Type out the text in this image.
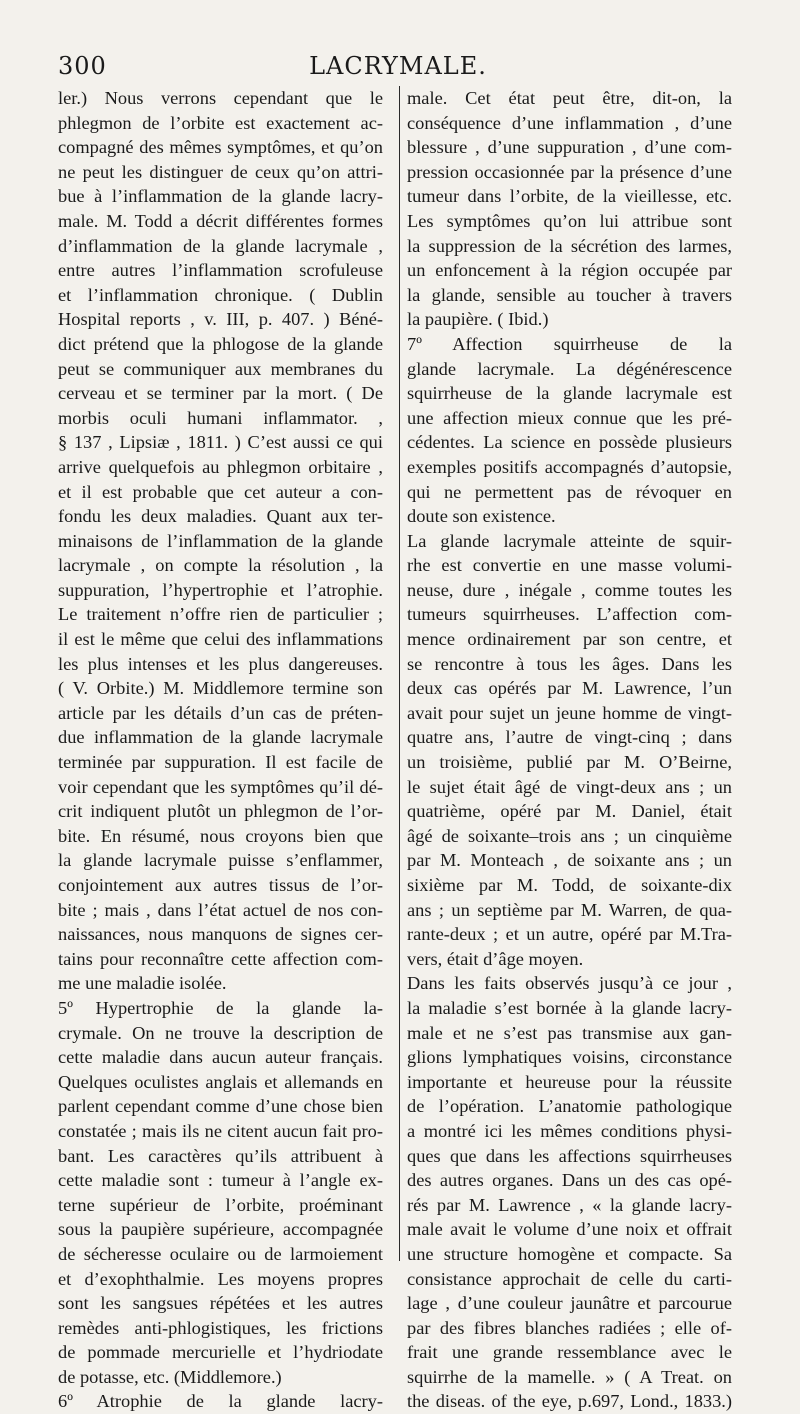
300	LACRYMALE.
ler.) Nous verrons cependant que le
phlegmon de l’orbite est exactement ac-
compagné des mêmes symptômes, et qu’on
ne peut les distinguer de ceux qu’on attri-
bue à l’inflammation de la glande lacry-
male. M. Todd a décrit différentes formes
d’inflammation de la glande lacrymale ,
entre autres l’inflammation scrofuleuse
et l’inflammation chronique. ( Dublin
Hospital reports , v. III, p. 407. ) Béné-
dict prétend que la phlogose de la glande
peut se communiquer aux membranes du
cerveau et se terminer par la mort. ( De
morbis oculi humani inflammator. ,
§ 137 , Lipsiæ , 1811. ) C’est aussi ce qui
arrive quelquefois au phlegmon orbitaire ,
et il est probable que cet auteur a con-
fondu les deux maladies. Quant aux ter-
minaisons de l’inflammation de la glande
lacrymale , on compte la résolution , la
suppuration, l’hypertrophie et l’atrophie.
Le traitement n’offre rien de particulier ;
il est le même que celui des inflammations
les plus intenses et les plus dangereuses.
( V. Orbite.) M. Middlemore termine son
article par les détails d’un cas de préten-
due inflammation de la glande lacrymale
terminée par suppuration. Il est facile de
voir cependant que les symptômes qu’il dé-
crit indiquent plutôt un phlegmon de l’or-
bite. En résumé, nous croyons bien que
la glande lacrymale puisse s’enflammer,
conjointement aux autres tissus de l’or-
bite ; mais , dans l’état actuel de nos con-
naissances, nous manquons de signes cer-
tains pour reconnaître cette affection com-
me une maladie isolée.
5º Hypertrophie de la glande la-
crymale. On ne trouve la description de
cette maladie dans aucun auteur français.
Quelques oculistes anglais et allemands en
parlent cependant comme d’une chose bien
constatée ; mais ils ne citent aucun fait pro-
bant. Les caractères qu’ils attribuent à
cette maladie sont : tumeur à l’angle ex-
terne supérieur de l’orbite, proéminant
sous la paupière supérieure, accompagnée
de sécheresse oculaire ou de larmoiement
et d’exophthalmie. Les moyens propres
sont les sangsues répétées et les autres
remèdes anti-phlogistiques, les frictions
de pommade mercurielle et l’hydriodate
de potasse, etc. (Middlemore.)
6º Atrophie de la glande lacry-
male. Cet état peut être, dit-on, la
conséquence d’une inflammation , d’une
blessure , d’une suppuration , d’une com-
pression occasionnée par la présence d’une
tumeur dans l’orbite, de la vieillesse, etc.
Les symptômes qu’on lui attribue sont
la suppression de la sécrétion des larmes,
un enfoncement à la région occupée par
la glande, sensible au toucher à travers
la paupière. ( Ibid.)
7º Affection squirrheuse de la
glande lacrymale. La dégénérescence
squirrheuse de la glande lacrymale est
une affection mieux connue que les pré-
cédentes. La science en possède plusieurs
exemples positifs accompagnés d’autopsie,
qui ne permettent pas de révoquer en
doute son existence.
La glande lacrymale atteinte de squir-
rhe est convertie en une masse volumi-
neuse, dure , inégale , comme toutes les
tumeurs squirrheuses. L’affection com-
mence ordinairement par son centre, et
se rencontre à tous les âges. Dans les
deux cas opérés par M. Lawrence, l’un
avait pour sujet un jeune homme de vingt-
quatre ans, l’autre de vingt-cinq ; dans
un troisième, publié par M. O’Beirne,
le sujet était âgé de vingt-deux ans ; un
quatrième, opéré par M. Daniel, était
âgé de soixante–trois ans ; un cinquième
par M. Monteach , de soixante ans ; un
sixième par M. Todd, de soixante-dix
ans ; un septième par M. Warren, de qua-
rante-deux ; et un autre, opéré par M.Tra-
vers, était d’âge moyen.
Dans les faits observés jusqu’à ce jour ,
la maladie s’est bornée à la glande lacry-
male et ne s’est pas transmise aux gan-
glions lymphatiques voisins, circonstance
importante et heureuse pour la réussite
de l’opération. L’anatomie pathologique
a montré ici les mêmes conditions physi-
ques que dans les affections squirrheuses
des autres organes. Dans un des cas opé-
rés par M. Lawrence , « la glande lacry-
male avait le volume d’une noix et offrait
une structure homogène et compacte. Sa
consistance approchait de celle du carti-
lage , d’une couleur jaunâtre et parcourue
par des fibres blanches radiées ; elle of-
frait une grande ressemblance avec le
squirrhe de la mamelle. » ( A Treat. on
the diseas. of the eye, p.697, Lond., 1833.)
